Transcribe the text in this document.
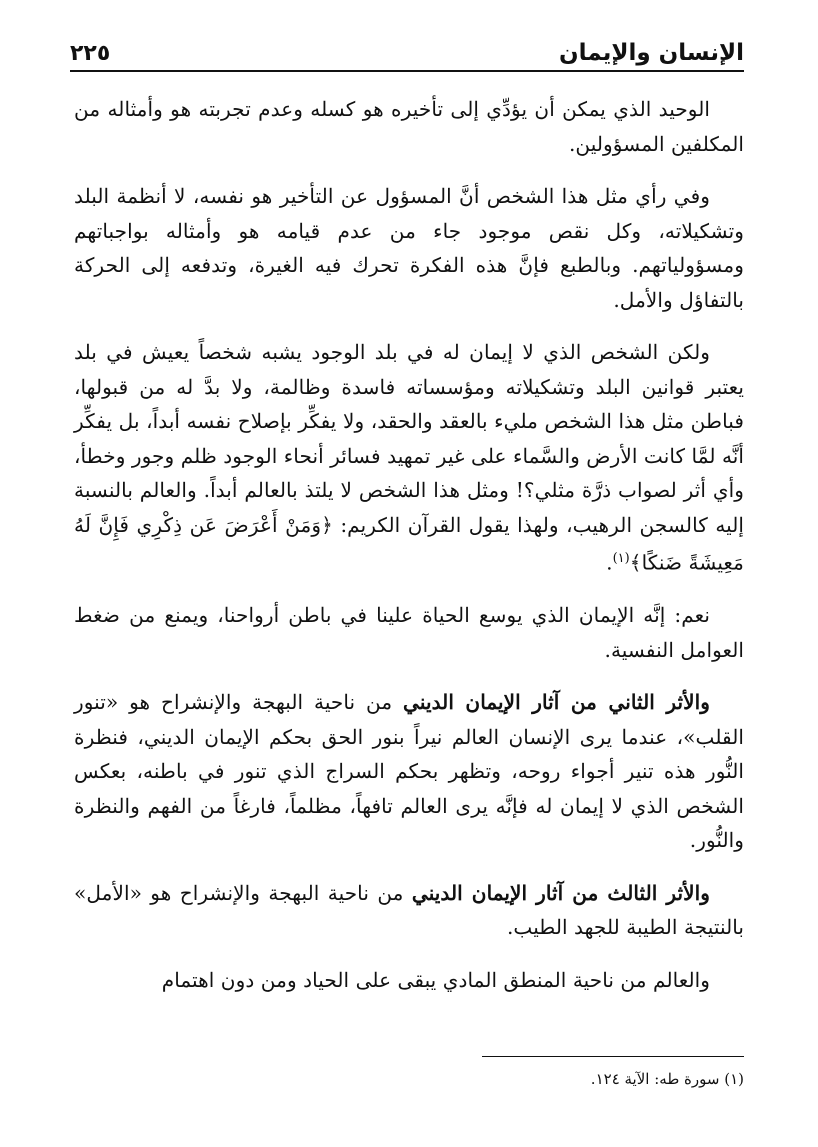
الإنسان والإيمان
٢٢٥

الوحيد الذي يمكن أن يؤدِّي إلى تأخيره هو كسله وعدم تجربته هو وأمثاله من المكلفين المسؤولين.

وفي رأي مثل هذا الشخص أنَّ المسؤول عن التأخير هو نفسه، لا أنظمة البلد وتشكيلاته، وكل نقص موجود جاء من عدم قيامه هو وأمثاله بواجباتهم ومسؤولياتهم. وبالطبع فإنَّ هذه الفكرة تحرك فيه الغيرة، وتدفعه إلى الحركة بالتفاؤل والأمل.

ولكن الشخص الذي لا إيمان له في بلد الوجود يشبه شخصاً يعيش في بلد يعتبر قوانين البلد وتشكيلاته ومؤسساته فاسدة وظالمة، ولا بدَّ له من قبولها، فباطن مثل هذا الشخص مليء بالعقد والحقد، ولا يفكِّر بإصلاح نفسه أبداً، بل يفكِّر أنَّه لمَّا كانت الأرض والسَّماء على غير تمهيد فسائر أنحاء الوجود ظلم وجور وخطأ، وأي أثر لصواب ذرَّة مثلي؟! ومثل هذا الشخص لا يلتذ بالعالم أبداً. والعالم بالنسبة إليه كالسجن الرهيب، ولهذا يقول القرآن الكريم: ﴿وَمَنْ أَعْرَضَ عَن ذِكْرِي فَإِنَّ لَهُ مَعِيشَةً ضَنكًا﴾$^{(١)}$.

نعم: إنَّه الإيمان الذي يوسع الحياة علينا في باطن أرواحنا، ويمنع من ضغط العوامل النفسية.

والأثر الثاني من آثار الإيمان الديني من ناحية البهجة والإنشراح هو «تنور القلب»، عندما يرى الإنسان العالم نيراً بنور الحق بحكم الإيمان الديني، فنظرة النُّور هذه تنير أجواء روحه، وتظهر بحكم السراج الذي تنور في باطنه، بعكس الشخص الذي لا إيمان له فإنَّه يرى العالم تافهاً، مظلماً، فارغاً من الفهم والنظرة والنُّور.

والأثر الثالث من آثار الإيمان الديني من ناحية البهجة والإنشراح هو «الأمل» بالنتيجة الطيبة للجهد الطيب.

والعالم من ناحية المنطق المادي يبقى على الحياد ومن دون اهتمام

(١) سورة طه: الآية ١٢٤.
